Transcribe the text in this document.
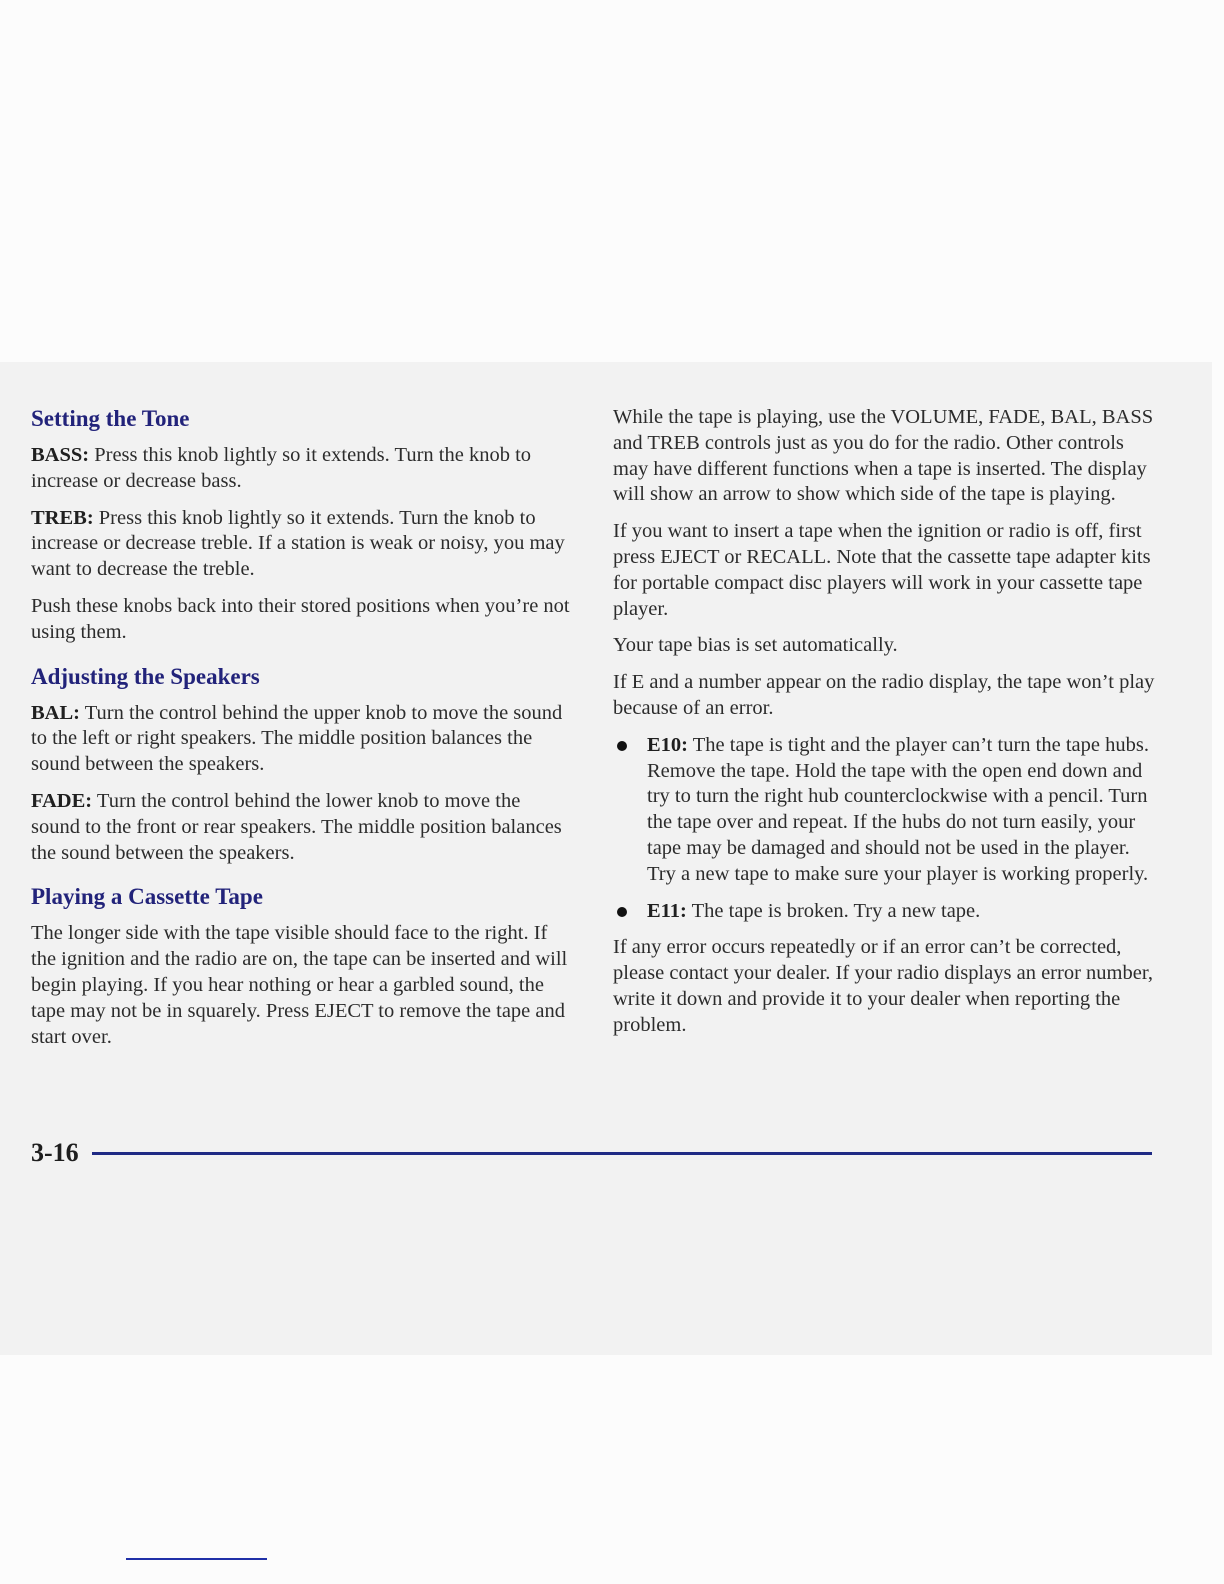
Setting the Tone

BASS: Press this knob lightly so it extends. Turn the knob to increase or decrease bass.

TREB: Press this knob lightly so it extends. Turn the knob to increase or decrease treble. If a station is weak or noisy, you may want to decrease the treble.

Push these knobs back into their stored positions when you’re not using them.

Adjusting the Speakers

BAL: Turn the control behind the upper knob to move the sound to the left or right speakers. The middle position balances the sound between the speakers.

FADE: Turn the control behind the lower knob to move the sound to the front or rear speakers. The middle position balances the sound between the speakers.

Playing a Cassette Tape

The longer side with the tape visible should face to the right. If the ignition and the radio are on, the tape can be inserted and will begin playing. If you hear nothing or hear a garbled sound, the tape may not be in squarely. Press EJECT to remove the tape and start over.

While the tape is playing, use the VOLUME, FADE, BAL, BASS and TREB controls just as you do for the radio. Other controls may have different functions when a tape is inserted. The display will show an arrow to show which side of the tape is playing.

If you want to insert a tape when the ignition or radio is off, first press EJECT or RECALL. Note that the cassette tape adapter kits for portable compact disc players will work in your cassette tape player.

Your tape bias is set automatically.

If E and a number appear on the radio display, the tape won’t play because of an error.

E10: The tape is tight and the player can’t turn the tape hubs. Remove the tape. Hold the tape with the open end down and try to turn the right hub counterclockwise with a pencil. Turn the tape over and repeat. If the hubs do not turn easily, your tape may be damaged and should not be used in the player. Try a new tape to make sure your player is working properly.
E11: The tape is broken. Try a new tape.

If any error occurs repeatedly or if an error can’t be corrected, please contact your dealer. If your radio displays an error number, write it down and provide it to your dealer when reporting the problem.

3-16
